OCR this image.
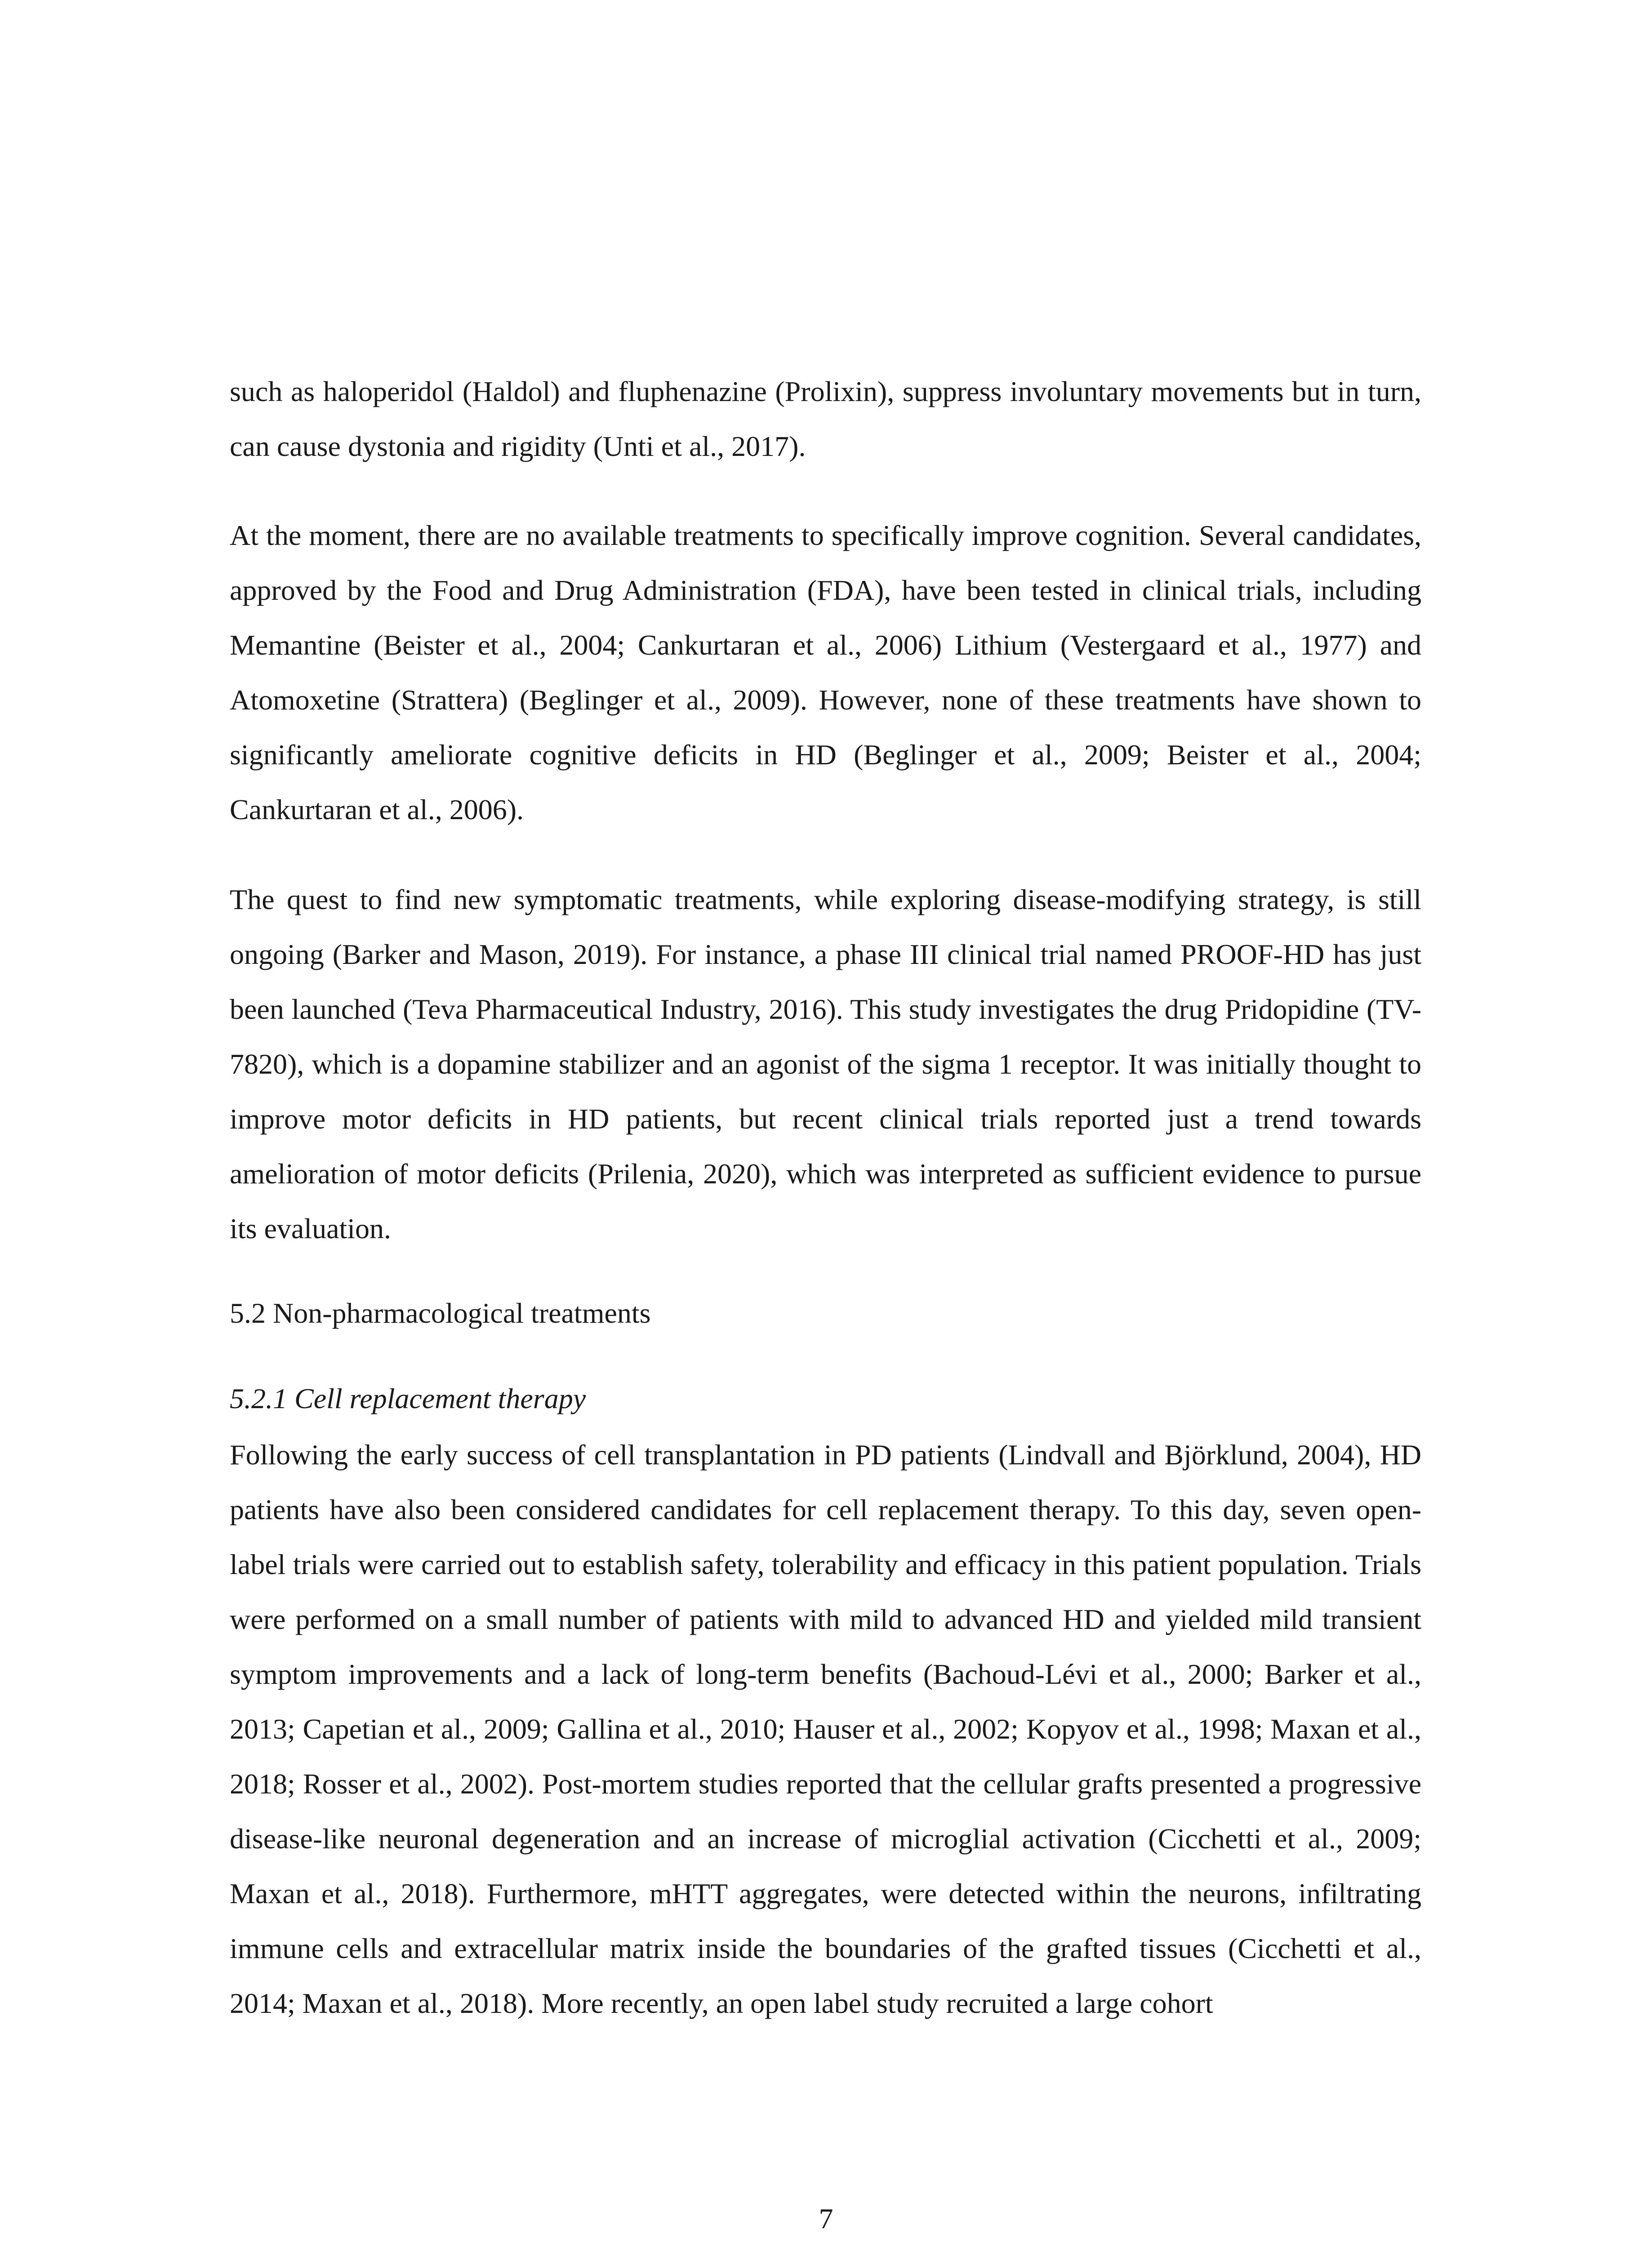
such as haloperidol (Haldol) and fluphenazine (Prolixin), suppress involuntary movements but in turn, can cause dystonia and rigidity (Unti et al., 2017).

At the moment, there are no available treatments to specifically improve cognition. Several candidates, approved by the Food and Drug Administration (FDA), have been tested in clinical trials, including Memantine (Beister et al., 2004; Cankurtaran et al., 2006) Lithium (Vestergaard et al., 1977) and Atomoxetine (Strattera) (Beglinger et al., 2009). However, none of these treatments have shown to significantly ameliorate cognitive deficits in HD (Beglinger et al., 2009; Beister et al., 2004; Cankurtaran et al., 2006).

The quest to find new symptomatic treatments, while exploring disease-modifying strategy, is still ongoing (Barker and Mason, 2019). For instance, a phase III clinical trial named PROOF-HD has just been launched (Teva Pharmaceutical Industry, 2016). This study investigates the drug Pridopidine (TV-7820), which is a dopamine stabilizer and an agonist of the sigma 1 receptor. It was initially thought to improve motor deficits in HD patients, but recent clinical trials reported just a trend towards amelioration of motor deficits (Prilenia, 2020), which was interpreted as sufficient evidence to pursue its evaluation.

5.2 Non-pharmacological treatments
5.2.1 Cell replacement therapy

Following the early success of cell transplantation in PD patients (Lindvall and Björklund, 2004), HD patients have also been considered candidates for cell replacement therapy. To this day, seven open-label trials were carried out to establish safety, tolerability and efficacy in this patient population. Trials were performed on a small number of patients with mild to advanced HD and yielded mild transient symptom improvements and a lack of long-term benefits (Bachoud-Lévi et al., 2000; Barker et al., 2013; Capetian et al., 2009; Gallina et al., 2010; Hauser et al., 2002; Kopyov et al., 1998; Maxan et al., 2018; Rosser et al., 2002). Post-mortem studies reported that the cellular grafts presented a progressive disease-like neuronal degeneration and an increase of microglial activation (Cicchetti et al., 2009; Maxan et al., 2018). Furthermore, mHTT aggregates, were detected within the neurons, infiltrating immune cells and extracellular matrix inside the boundaries of the grafted tissues (Cicchetti et al., 2014; Maxan et al., 2018). More recently, an open label study recruited a large cohort

7
